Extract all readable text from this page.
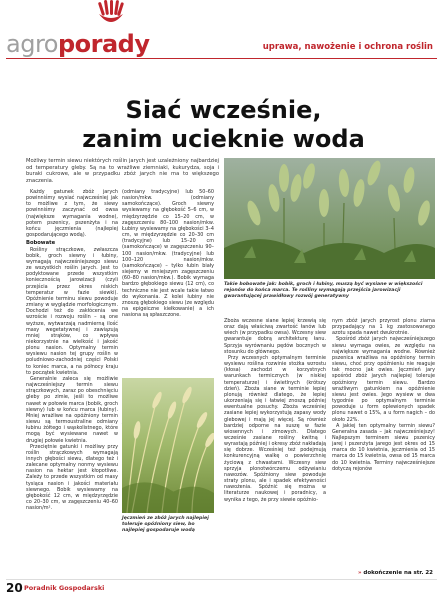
agroporady	uprawa, nawożenie i ochrona roślin
Siać wcześnie,
zanim ucieknie woda
Możliwy termin siewu niektórych roślin jarych jest uzależniony najbardziej od temperatury gleby. Są na to wrażliwe ziemniaki, kukurydza, soja i buraki cukrowe, ale w przypadku zbóż jarych nie ma to większego znaczenia.

Każdy gatunek zbóż jarych powinniśmy wysiać najwcześniej jak to możliwe z tym, że siewy powinniśmy zaczynać od owsa (największe wymagania wodne), potem pszenicy, pszenżyta i na końcu jęczmienia (najlepiej gospodarującego wodą).

Bobowate

Rośliny strączkowe, zwłaszcza bobik, groch siewny i łubiny, wymagają najwcześniejszego siewu ze wszystkich roślin jarych. Jest to podyktowane przede wszystkim koniecznością jarowizacji (czyli przejścia przez okres niskich temperatur w fazie siewki). Opóźnienie terminu siewu powoduje zmiany w wyglądzie morfologicznym. Dochodzi też do zakłócenia we wzroście i rozwoju roślin – są one wyższe, wytwarzają nadmierną ilość masy wegetatywnej i zawiązują mniej strąków, co wpływa niekorzystnie na wielkość i jakość plonu nasion. Optymalny termin wysiewu nasion tej grupy roślin w poludniowo-zachodniej części Polski to koniec marca, a na północy kraju to początek kwietnia.

Generalnie zaleca się możliwie najwcześniejszy termin siewu strączkowych, zaraz po obeschnięciu gleby po zimie, jeśli to możliwe nawet w połowie marca (bobik, groch siewny) lub w końcu marca (łubiny). Mniej wrażliwe na opóźniony termin siewu są termoustraline odmiany łubinu żółtego i wąskolistnego, które mogą być wysiewane nawet w drugiej połowie kwietnia.

Przeciętnie gatunki i możliwy przy roślin strączkowych wymagają innych głębości siewu, dlatego też i zalecane optymalny nonmy wysiewu nasion na hektar jest kłopotliwe. Zależy to przede wszystkim od masy tysiąca nasion i jakości materiału siewnego. Bobik wysiewamy na głębokość 12 cm, w międzyrzędzie co 20–30 cm, w zagęszczeniu 40–60 nasion/m².

(odmiany tradycyjne) lub 50–60 nasion/mkw. (odmiany samokończące). Groch siewny wysiewamy na głębokość 5–6 cm, w międzyrzędzie co 15–20 cm, w zagęszczeniu 80–100 nasion/mkw. Łubiny wysiewamy na głębokości 3–4 cm, w międzyrzędzie co 20–30 cm (tradycyjne) lub 15–20 cm (samokończące) w zagęszczeniu 90–100 nasion/mkw. (tradycyjne) lub 100–120 nasion/mkw. (samokończące) – tylko łubin biały siejemy w mniejszym zagęszczeniu (60–80 nasion/mkw.). Bobik wymaga bardzo głębokiego siewu (12 cm), co techniczne nie jest wcale takie łatwo do wykonania. Z kolei łubiny nie znoszą głębokiego siewu (ze względu na epigeiczne kiełkowanie) a ich nasiona są spłaszczone.

Jęczmień ze zbóż jarych najlepiej toleruje opóźniony siew, bo najlepiej gospodaruje wodą
Takie bobowate jak: bobik, groch i łubiny, muszą być wysiane w większości rejonów do końca marca. Te rośliny wymagają przejścia jarowizacji gwarantującej prawidłowy rozwój generatywny

Zboża wczesne siane lepiej krzewią się oraz dają właściwą zwartość łanów lub wiech (w przypadku owsa). Wczesny siew gwarantuje dobrą architekturę łanu. Sprzyja wyrównaniu pędów bocznych w stosunku do głównego.

Przy wczesnych optymalnym terminie wysiewu roślina rozwinie stożka wzrostu (kłosa) zachodzi w korzystnych warunkach termicznych (w niskiej temperaturze) i świetlnych (krótszy dzień). Zboża siane w terminie lepiej plonują również dlatego, że lepiej ukorzeniają się i łatwiej znoszą później ewentualne posuchy. Zboża wcześniej zasiane lepiej wykorzystują zapasy wody glebowej i mają jej więcej. Są również bardziej odporne na suszę w fazie wiosennych i zimowych. Dlatego wcześnie zasiane rośliny kwitną i wyrastają później i okresy zbóż nakładają się dobrze. Wcześniej też podejmują konkurencyjną walkę o powierzchnię życiową z chwastami. Wczesny siew sprzyja plonotwórczemu odżywianiu nawozów. Spóźniony siew powoduje straty plonu, ale i spadek efektywności nawożenia. Spóźnić się można w literaturze naukowej i poradnicy, a wynika z tego, że przy siewie opóźnio-

nym zbóż jarych przyrost plonu ziarna przypadający na 1 kg zastosowanego azotu spada nawet dwukrotnie.

Spośród zbóż jarych najwcześniejszego siewu wymaga owies, ze względu na największe wymagania wodne. Również pszenica wrażliwa na opóźniony termin siewu, choć przy opóźnieniu nie reaguje tak mocno jak owies. Jęczmień jary spośród zbóż jarych najlepiej toleruje opóźniony termin siewu. Bardzo wrażliwym gatunkiem na opóźnienie siewu jest owies. Jego wysiew w dwa tygodnie po optymalnym terminie powoduje u form oplewionych spadek plonu nawet o 15%, a u form nagich – do około 22%.

A jakiej ten optymalny termin siewu? Generalna zasada – jak najwcześniejszy! Najlepszym terminem siewu pszenicy jarej i pszenżyta jarego jest okres od 15 marca do 10 kwietnia, jęczmienia od 15 marca do 15 kwietnia, owsa od 15 marca do 10 kwietnia. Terminy najwcześniejsze dotyczą rejonów

» dokończenie na str. 22
20 Poradnik Gospodarski
